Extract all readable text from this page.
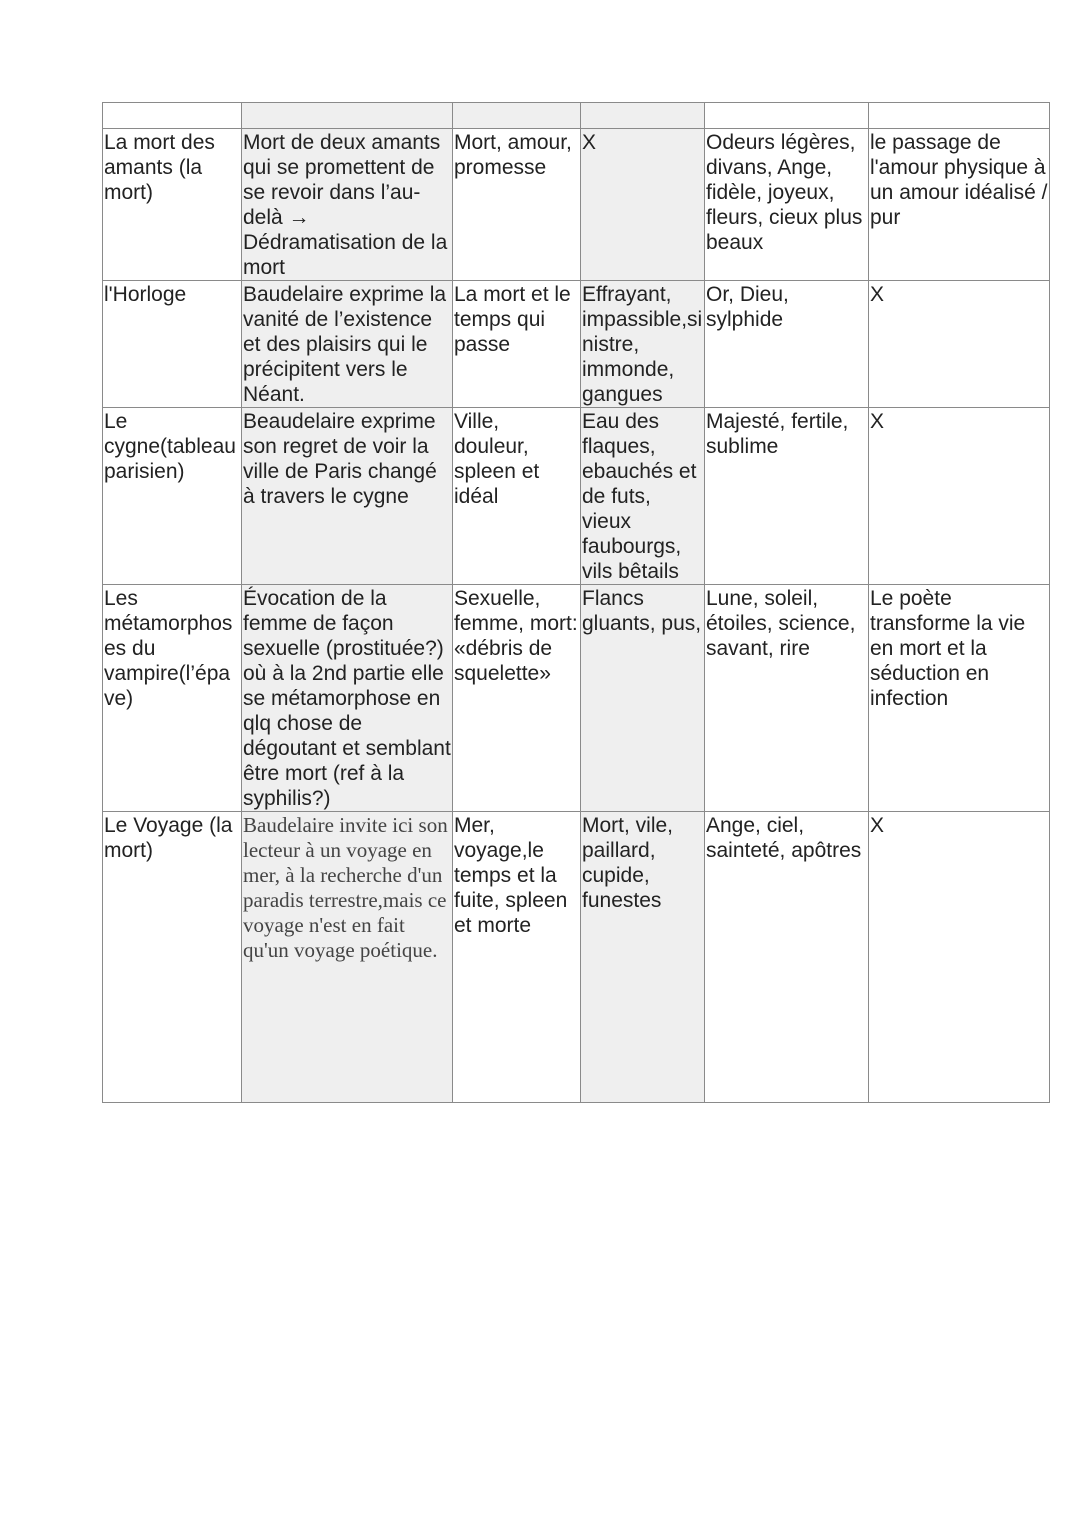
La mort des amants (la mort)	Mort de deux amants qui se promettent de se revoir dans l’au-delà → Dédramatisation de la mort	Mort, amour, promesse	X	Odeurs légères, divans, Ange, fidèle, joyeux, fleurs, cieux plus beaux	le passage de l'amour physique à un amour idéalisé / pur
l'Horloge	Baudelaire exprime la vanité de l’existence et des plaisirs qui le précipitent vers le Néant.	La mort et le temps qui passe	Effrayant, impassible,sinistre, immonde, gangues	Or, Dieu, sylphide	X
Le cygne(tableau parisien)	Beaudelaire exprime son regret de voir la ville de Paris changé à travers le cygne	Ville, douleur, spleen et idéal	Eau des flaques, ebauchés et de futs, vieux faubourgs, vils bêtails	Majesté, fertile, sublime	X
Les métamorphoses du vampire(l’épave)	Évocation de la femme de façon sexuelle (prostituée?) où à la 2nd partie elle se métamorphose en qlq chose de dégoutant et semblant être mort (ref à la syphilis?)	Sexuelle, femme, mort: «débris de squelette»	Flancs gluants, pus,	Lune, soleil, étoiles, science, savant, rire	Le poète transforme la vie en mort et la séduction en infection
Le Voyage (la mort)	Baudelaire invite ici son lecteur à un voyage en mer, à la recherche d'un paradis terrestre,mais ce voyage n'est en fait qu'un voyage poétique.	Mer, voyage,le temps et la fuite, spleen et morte	Mort, vile, paillard, cupide, funestes	Ange, ciel, sainteté, apôtres	X
